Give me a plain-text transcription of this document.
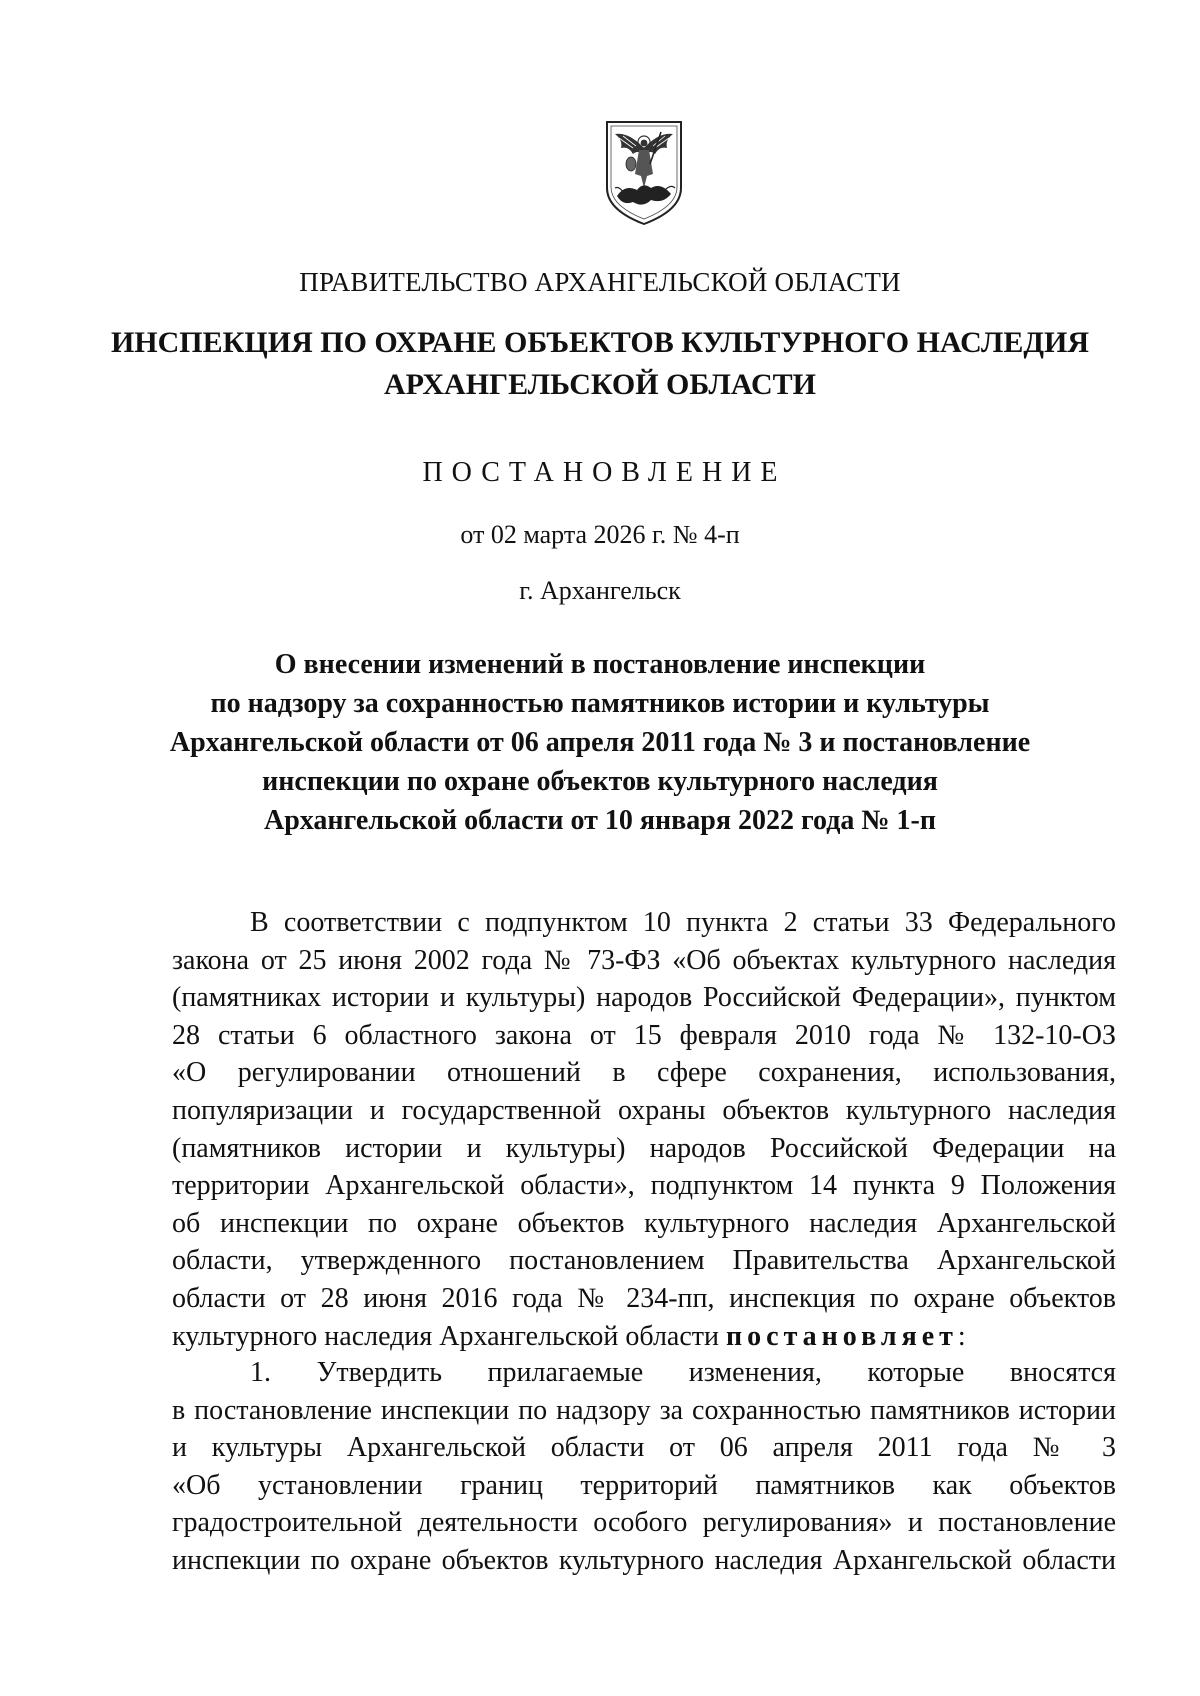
ПРАВИТЕЛЬСТВО АРХАНГЕЛЬСКОЙ ОБЛАСТИ
ИНСПЕКЦИЯ ПО ОХРАНЕ ОБЪЕКТОВ КУЛЬТУРНОГО НАСЛЕДИЯ
АРХАНГЕЛЬСКОЙ ОБЛАСТИ
ПОСТАНОВЛЕНИЕ
от 02 марта 2026 г. № 4-п
г. Архангельск
О внесении изменений в постановление инспекции
по надзору за сохранностью памятников истории и культуры
Архангельской области от 06 апреля 2011 года № 3 и постановление
инспекции по охране объектов культурного наследия
Архангельской области от 10 января 2022 года № 1-п
В соответствии с подпунктом 10 пункта 2 статьи 33 Федерального
закона от 25 июня 2002 года № 73-ФЗ «Об объектах культурного наследия
(памятниках истории и культуры) народов Российской Федерации», пунктом
28 статьи 6 областного закона от 15 февраля 2010 года № 132-10-ОЗ
«О регулировании отношений в сфере сохранения, использования,
популяризации и государственной охраны объектов культурного наследия
(памятников истории и культуры) народов Российской Федерации на
территории Архангельской области», подпунктом 14 пункта 9 Положения
об инспекции по охране объектов культурного наследия Архангельской
области, утвержденного постановлением Правительства Архангельской
области от 28 июня 2016 года № 234-пп, инспекция по охране объектов
культурного наследия Архангельской области постановляет:
1. Утвердить прилагаемые изменения, которые вносятся
в постановление инспекции по надзору за сохранностью памятников истории
и культуры Архангельской области от 06 апреля 2011 года № 3
«Об установлении границ территорий памятников как объектов
градостроительной деятельности особого регулирования» и постановление
инспекции по охране объектов культурного наследия Архангельской области
